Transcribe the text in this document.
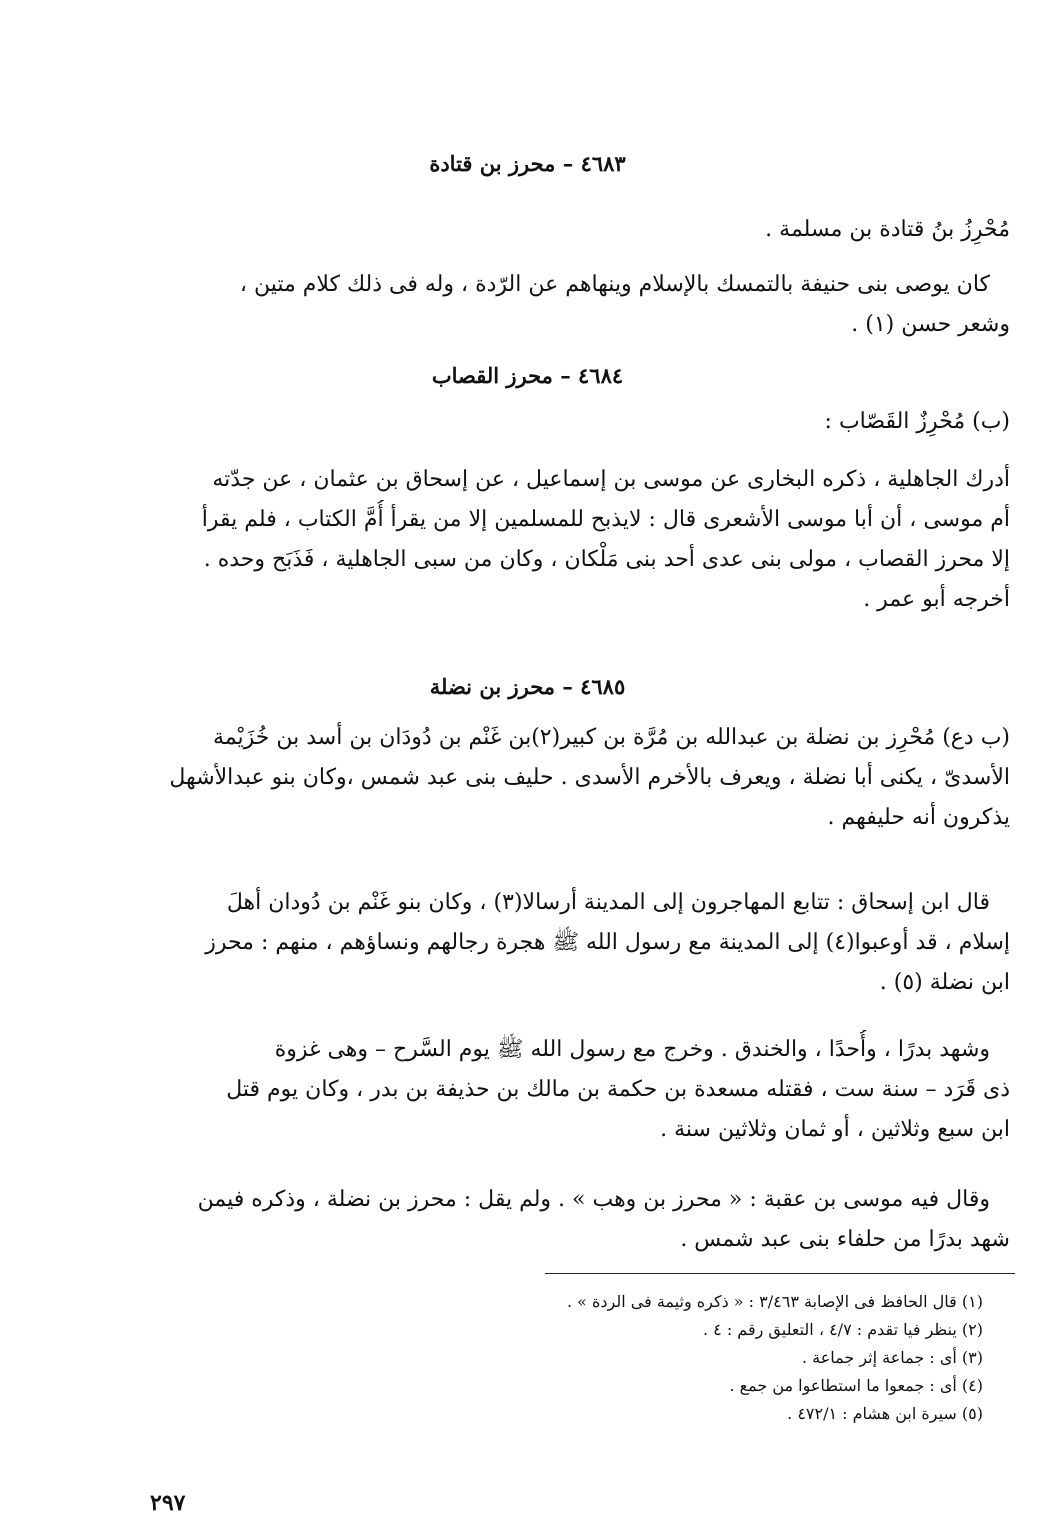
٤٦٨٣ – محرز بن قتادة
مُحْرِزُ بنُ قتادة بن مسلمة .
كان يوصى بنى حنيفة بالتمسك بالإسلام وينهاهم عن الرّدة ، وله فى ذلك كلام متين ،
وشعر حسن (١) .
٤٦٨٤ – محرز القصاب
(ب) مُحْرِزٌ القَصّاب :
أدرك الجاهلية ، ذكره البخارى عن موسى بن إسماعيل ، عن إسحاق بن عثمان ، عن جدّته
أم موسى ، أن أبا موسى الأشعرى قال : لايذبح للمسلمين إلا من يقرأ أُمَّ الكتاب ، فلم يقرأ
إلا محرز القصاب ، مولى بنى عدى أحد بنى مَلْكان ، وكان من سبى الجاهلية ، فَذَبَح وحده .
أخرجه أبو عمر .
٤٦٨٥ – محرز بن نضلة
(ب دع) مُحْرِز بن نضلة بن عبدالله بن مُرَّة بن كبير(٢)بن غَنْم بن دُودَان بن أسد بن خُزَيْمة
الأسدىّ ، يكنى أبا نضلة ، ويعرف بالأخرم الأسدى . حليف بنى عبد شمس ،وكان بنو عبدالأشهل
يذكرون أنه حليفهم .
قال ابن إسحاق : تتابع المهاجرون إلى المدينة أرسالا(٣) ، وكان بنو غَنْم بن دُودان أهلَ
إسلام ، قد أوعبوا(٤) إلى المدينة مع رسول الله ﷺ هجرة رجالهم ونساؤهم ، منهم : محرز
ابن نضلة (٥) .
وشهد بدرًا ، وأُحدًا ، والخندق . وخرج مع رسول الله ﷺ يوم السَّرح – وهى غزوة
ذى قَرَد – سنة ست ، فقتله مسعدة بن حكمة بن مالك بن حذيفة بن بدر ، وكان يوم قتل
ابن سبع وثلاثين ، أو ثمان وثلاثين سنة .
وقال فيه موسى بن عقبة : « محرز بن وهب » . ولم يقل : محرز بن نضلة ، وذكره فيمن
شهد بدرًا من حلفاء بنى عبد شمس .
(١) قال الحافظ فى الإصابة ٣/٤٦٣ : « ذكره وثيمة فى الردة » .
(٢) ينظر فيا تقدم : ٤/٧ ، التعليق رقم : ٤ .
(٣) أى : جماعة إثر جماعة .
(٤) أى : جمعوا ما استطاعوا من جمع .
(٥) سيرة ابن هشام : ٤٧٢/١ .
٢٩٧
